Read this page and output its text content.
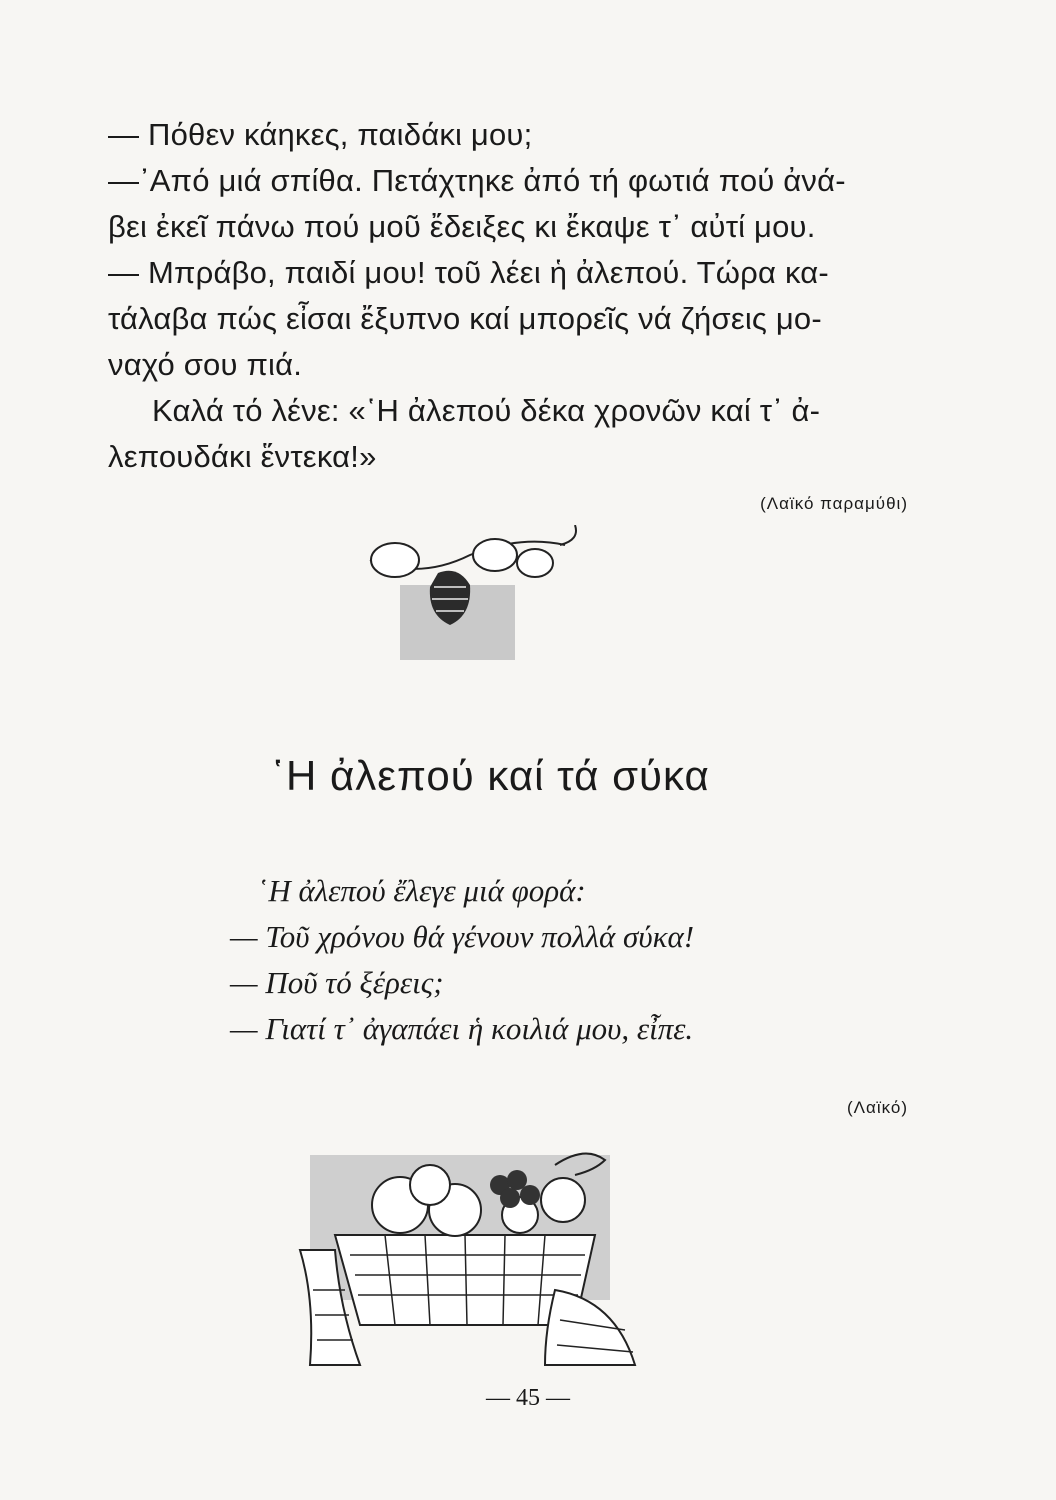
— Πόθεν κάηκες, παιδάκι μου;

—᾿Από μιά σπίθα. Πετάχτηκε ἀπό τή φωτιά πού ἀνά-

βει ἐκεῖ πάνω πού μοῦ ἔδειξες κι ἔκαψε τ᾿ αὐτί μου.

— Μπράβο, παιδί μου! τοῦ λέει ἡ ἀλεπού. Τώρα κα-

τάλαβα πώς εἶσαι ἔξυπνο καί μπορεῖς νά ζήσεις μο-

ναχό σου πιά.

Καλά τό λένε: «῾Η ἀλεπού δέκα χρονῶν καί τ᾿ ἀ-

λεπουδάκι ἕντεκα!»

(Λαϊκό παραμύθι)
῾Η ἀλεπού καί τά σύκα

῾Η ἀλεπού ἔλεγε μιά φορά:

— Τοῦ χρόνου θά γένουν πολλά σύκα!

— Ποῦ τό ξέρεις;

— Γιατί τ᾿ ἀγαπάει ἡ κοιλιά μου, εἶπε.

(Λαϊκό)
— 45 —
